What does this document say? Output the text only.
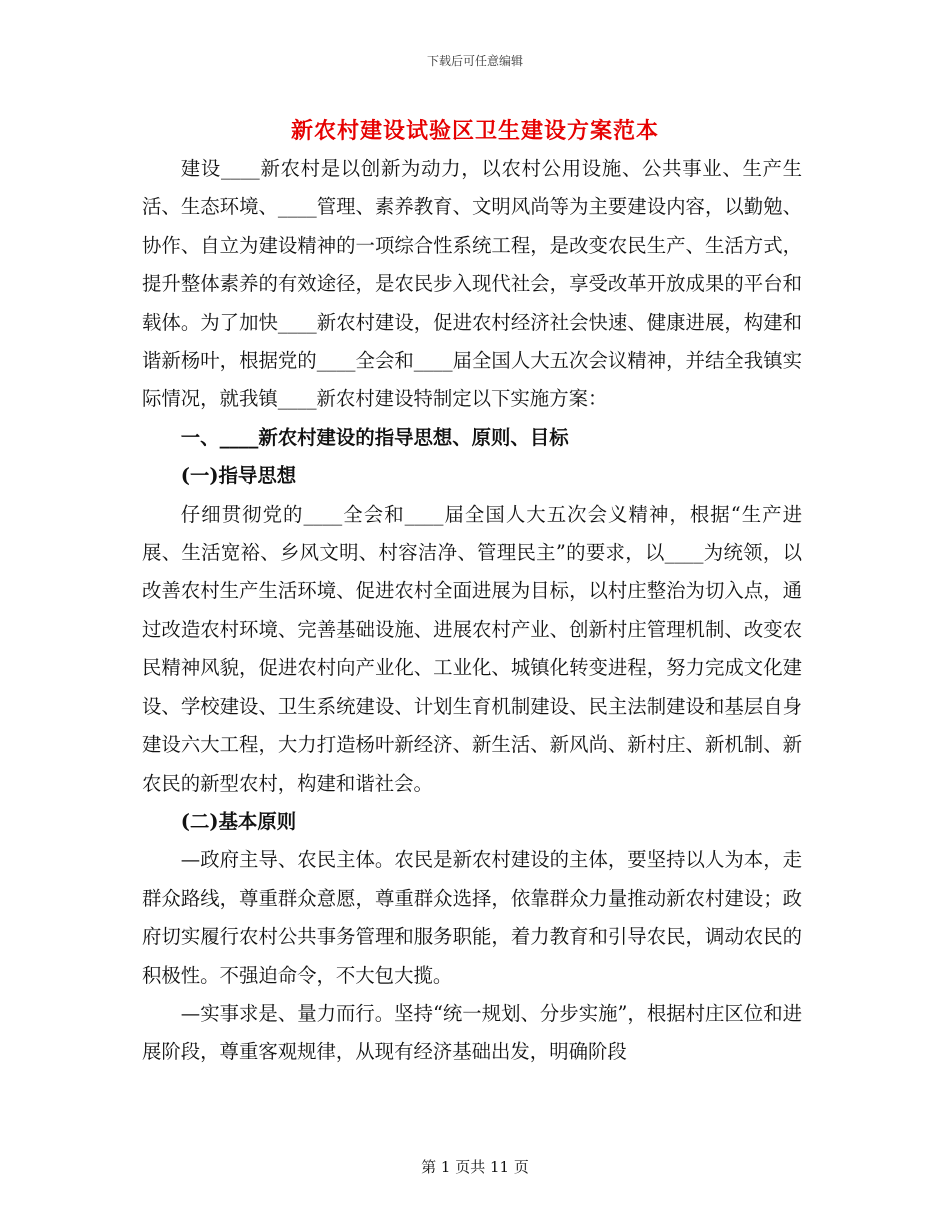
下载后可任意编辑
新农村建设试验区卫生建设方案范本

建设____新农村是以创新为动力，以农村公用设施、公共事业、生产生活、生态环境、____管理、素养教育、文明风尚等为主要建设内容，以勤勉、协作、自立为建设精神的一项综合性系统工程，是改变农民生产、生活方式，提升整体素养的有效途径，是农民步入现代社会，享受改革开放成果的平台和载体。为了加快____新农村建设，促进农村经济社会快速、健康进展，构建和谐新杨叶，根据党的____全会和____届全国人大五次会议精神，并结全我镇实际情况，就我镇____新农村建设特制定以下实施方案：

一、____新农村建设的指导思想、原则、目标

(一)指导思想

仔细贯彻党的____全会和____届全国人大五次会义精神，根据“生产进展、生活宽裕、乡风文明、村容洁净、管理民主”的要求，以____为统领，以改善农村生产生活环境、促进农村全面进展为目标，以村庄整治为切入点，通过改造农村环境、完善基础设施、进展农村产业、创新村庄管理机制、改变农民精神风貌，促进农村向产业化、工业化、城镇化转变进程，努力完成文化建设、学校建设、卫生系统建设、计划生育机制建设、民主法制建设和基层自身建设六大工程，大力打造杨叶新经济、新生活、新风尚、新村庄、新机制、新农民的新型农村，构建和谐社会。

(二)基本原则

—政府主导、农民主体。农民是新农村建设的主体，要坚持以人为本，走群众路线，尊重群众意愿，尊重群众选择，依靠群众力量推动新农村建设；政府切实履行农村公共事务管理和服务职能，着力教育和引导农民，调动农民的积极性。不强迫命令，不大包大揽。

—实事求是、量力而行。坚持“统一规划、分步实施”，根据村庄区位和进展阶段，尊重客观规律，从现有经济基础出发，明确阶段

第 1 页共 11 页
